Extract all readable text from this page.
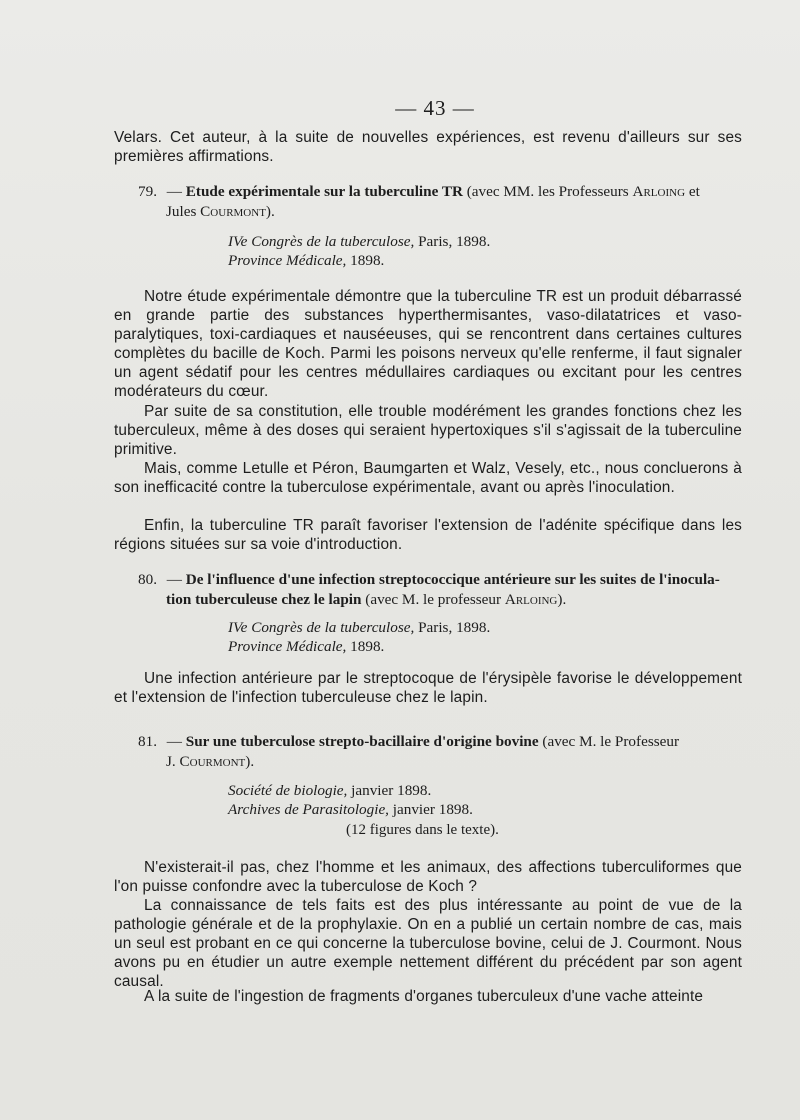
— 43 —
Velars. Cet auteur, à la suite de nouvelles expériences, est revenu d'ailleurs sur ses premières affirmations.
79. — Etude expérimentale sur la tuberculine TR (avec MM. les Professeurs Arloing et
Jules Courmont).
IVe Congrès de la tuberculose, Paris, 1898.
Province Médicale, 1898.
Notre étude expérimentale démontre que la tuberculine TR est un produit débarrassé en grande partie des substances hyperthermisantes, vaso-dilatatrices et vaso-paralytiques, toxi-cardiaques et nauséeuses, qui se rencontrent dans certaines cultures complètes du bacille de Koch. Parmi les poisons nerveux qu'elle renferme, il faut signaler un agent sédatif pour les centres médullaires cardiaques ou excitant pour les centres modérateurs du cœur.
Par suite de sa constitution, elle trouble modérément les grandes fonctions chez les tuberculeux, même à des doses qui seraient hypertoxiques s'il s'agissait de la tuberculine primitive.
Mais, comme Letulle et Péron, Baumgarten et Walz, Vesely, etc., nous concluerons à son inefficacité contre la tuberculose expérimentale, avant ou après l'inoculation.
Enfin, la tuberculine TR paraît favoriser l'extension de l'adénite spécifique dans les régions situées sur sa voie d'introduction.
80. — De l'influence d'une infection streptococcique antérieure sur les suites de l'inocula-
tion tuberculeuse chez le lapin (avec M. le professeur Arloing).
IVe Congrès de la tuberculose, Paris, 1898.
Province Médicale, 1898.
Une infection antérieure par le streptocoque de l'érysipèle favorise le développement et l'extension de l'infection tuberculeuse chez le lapin.
81. — Sur une tuberculose strepto-bacillaire d'origine bovine (avec M. le Professeur
J. Courmont).
Société de biologie, janvier 1898.
Archives de Parasitologie, janvier 1898.
(12 figures dans le texte).
N'existerait-il pas, chez l'homme et les animaux, des affections tuberculiformes que l'on puisse confondre avec la tuberculose de Koch ?
La connaissance de tels faits est des plus intéressante au point de vue de la pathologie générale et de la prophylaxie. On en a publié un certain nombre de cas, mais un seul est probant en ce qui concerne la tuberculose bovine, celui de J. Courmont. Nous avons pu en étudier un autre exemple nettement différent du précédent par son agent causal.
A la suite de l'ingestion de fragments d'organes tuberculeux d'une vache atteinte
